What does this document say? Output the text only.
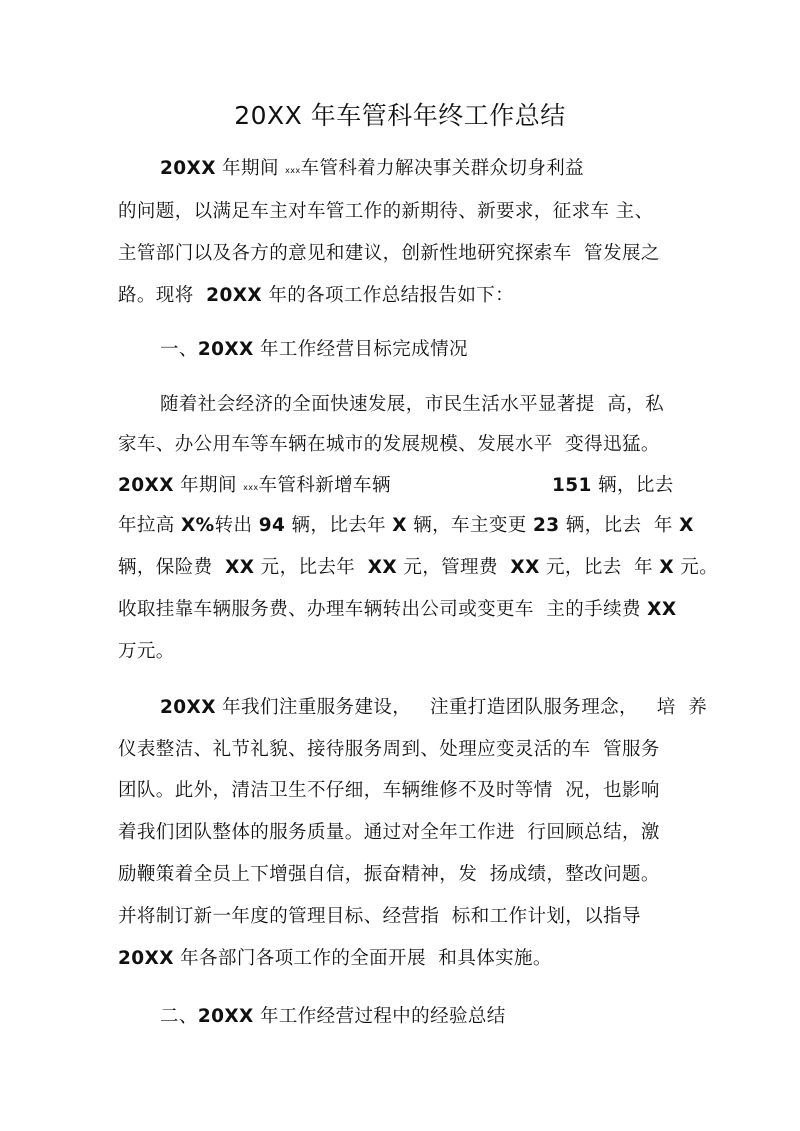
20XX 年车管科年终工作总结
20XX 年期间 xxx车管科着力解决事关群众切身利益
的问题，以满足车主对车管工作的新期待、新要求，征求车 主、
主管部门以及各方的意见和建议，创新性地研究探索车  管发展之
路。现将  20XX 年的各项工作总结报告如下：
一、20XX 年工作经营目标完成情况
随着社会经济的全面快速发展，市民生活水平显著提  高，私
家车、办公用车等车辆在城市的发展规模、发展水平  变得迅猛。
20XX 年期间 xxx车管科新增车辆	151 辆，比去
年拉高 X%转出 94 辆，比去年 X 辆，车主变更 23 辆，比去  年 X
辆，保险费  XX 元，比去年  XX 元，管理费  XX 元，比去  年 X 元。
收取挂靠车辆服务费、办理车辆转出公司或变更车  主的手续费 XX
万元。
20XX 年我们注重服务建设，   注重打造团队服务理念，   培  养
仪表整洁、礼节礼貌、接待服务周到、处理应变灵活的车  管服务
团队。此外，清洁卫生不仔细，车辆维修不及时等情  况，也影响
着我们团队整体的服务质量。通过对全年工作进  行回顾总结，激
励鞭策着全员上下增强自信，振奋精神，发  扬成绩，整改问题。
并将制订新一年度的管理目标、经营指  标和工作计划，以指导
20XX 年各部门各项工作的全面开展  和具体实施。
二、20XX 年工作经营过程中的经验总结
